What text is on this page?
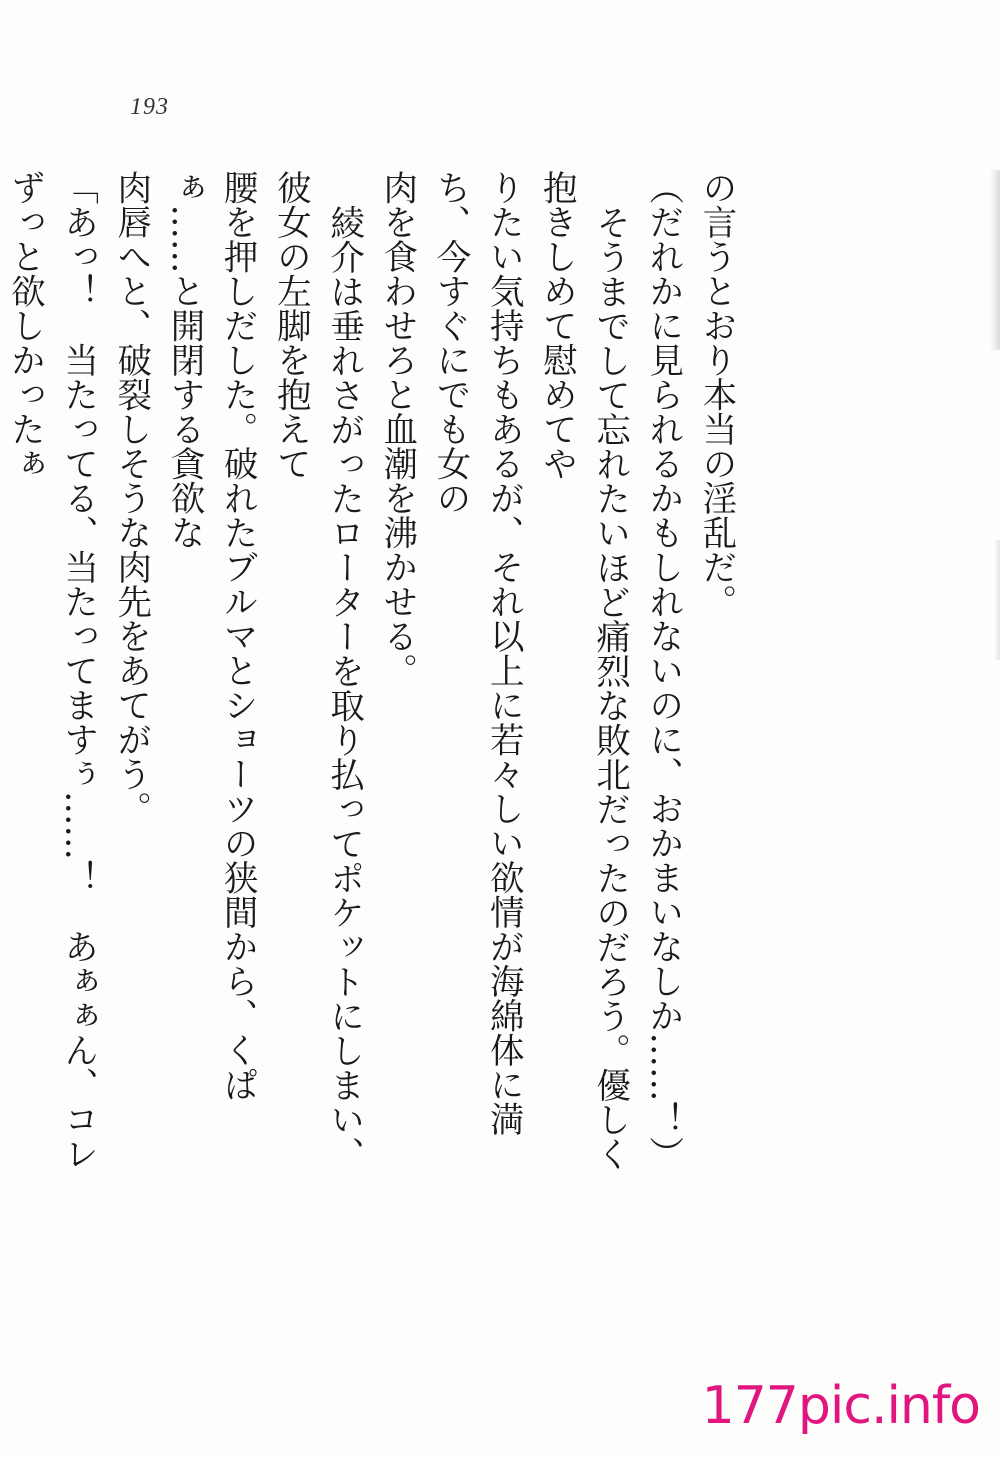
193

の言うとおり本当の淫乱だ。

（だれかに見られるかもしれないのに、おかまいなしか……！）

そうまでして忘れたいほど痛烈な敗北だったのだろう。優しく抱きしめて慰めてや

りたい気持ちもあるが、それ以上に若々しい欲情が海綿体に満ち、今すぐにでも女の

肉を食わせろと血潮を沸かせる。

綾介は垂れさがったローターを取り払ってポケットにしまい、彼女の左脚を抱えて

腰を押しだした。破れたブルマとショーツの狭間から、くぱぁ……と開閉する貪欲な

肉唇へと、破裂しそうな肉先をあてがう。

「あっ！　当たってる、当たってますぅ……！　あぁぁん、コレずっと欲しかったぁ

177pic.info
